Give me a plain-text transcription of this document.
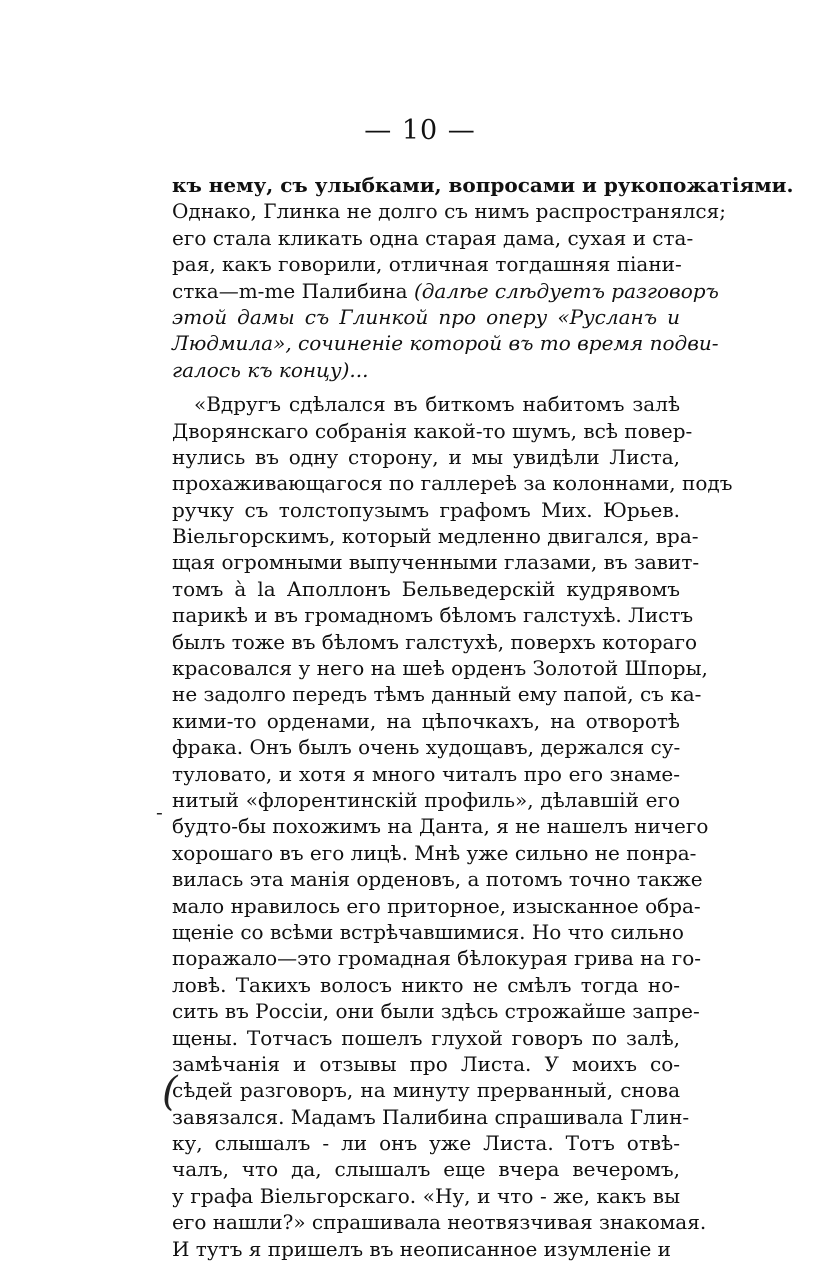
— 10 —
-
(
къ нему, съ улыбками, вопросами и рукопожатіями.
Однако, Глинка не долго съ нимъ распространялся;
его стала кликать одна старая дама, сухая и ста-
рая, какъ говорили, отличная тогдашняя піани-
стка—m-me Палибина (далѣе слѣдуетъ разговоръ
этой дамы съ Глинкой про оперу «Русланъ и
Людмила», сочиненіе которой въ то время подви-
галось къ концу)...
«Вдругъ сдѣлался въ биткомъ набитомъ залѣ
Дворянскаго собранія какой-то шумъ, всѣ повер-
нулись въ одну сторону, и мы увидѣли Листа,
прохаживающагося по галлереѣ за колоннами, подъ
ручку съ толстопузымъ графомъ Мих. Юрьев.
Віельгорскимъ, который медленно двигался, вра-
щая огромными выпученными глазами, въ завит-
томъ à la Аполлонъ Бельведерскій кудрявомъ
парикѣ и въ громадномъ бѣломъ галстухѣ. Листъ
былъ тоже въ бѣломъ галстухѣ, поверхъ котораго
красовался у него на шеѣ орденъ Золотой Шпоры,
не задолго передъ тѣмъ данный ему папой, съ ка-
кими-то орденами, на цѣпочкахъ, на отворотѣ
фрака. Онъ былъ очень худощавъ, держался су-
туловато, и хотя я много читалъ про его знаме-
нитый «флорентинскій профиль», дѣлавшій его
будто-бы похожимъ на Данта, я не нашелъ ничего
хорошаго въ его лицѣ. Мнѣ уже сильно не понра-
вилась эта манія орденовъ, а потомъ точно также
мало нравилось его приторное, изысканное обра-
щеніе со всѣми встрѣчавшимися. Но что сильно
поражало—это громадная бѣлокурая грива на го-
ловѣ. Такихъ волосъ никто не смѣлъ тогда но-
сить въ Россіи, они были здѣсь строжайше запре-
щены. Тотчасъ пошелъ глухой говоръ по залѣ,
замѣчанія и отзывы про Листа. У моихъ со-
сѣдей разговоръ, на минуту прерванный, снова
завязался. Мадамъ Палибина спрашивала Глин-
ку, слышалъ - ли онъ уже Листа. Тотъ отвѣ-
чалъ, что да, слышалъ еще вчера вечеромъ,
у графа Віельгорскаго. «Ну, и что - же, какъ вы
его нашли?» спрашивала неотвязчивая знакомая.
И тутъ я пришелъ въ неописанное изумленіе и
